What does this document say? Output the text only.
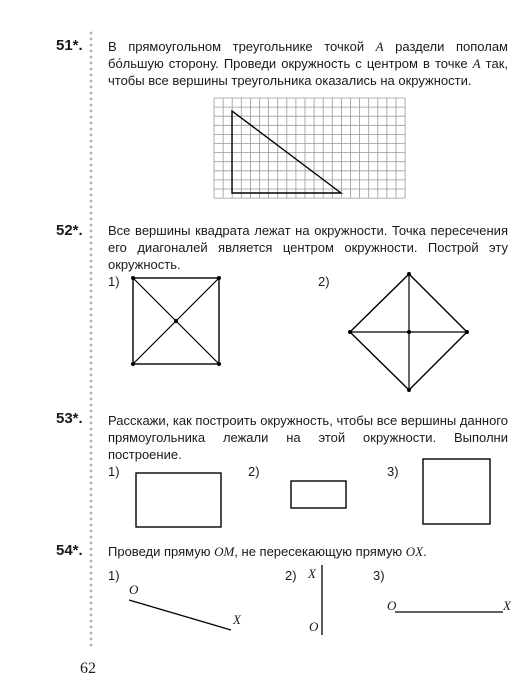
51*. В прямоугольном треугольнике точкой A раздели пополам бо́льшую сторону. Проведи окружность с центром в точке A так, чтобы все вершины треугольника оказались на окружности.
52*. Все вершины квадрата лежат на окружности. Точка пересечения его диагоналей является центром окружности. Построй эту окружность.
1)	2)
53*. Расскажи, как построить окружность, чтобы все вершины данного прямоугольника лежали на этой окружности. Выполни построение.
1)	2)	3)
54*. Проведи прямую OM, не пересекающую прямую OX.
1)	2)	3)
O
X
X
O
O	X
62
